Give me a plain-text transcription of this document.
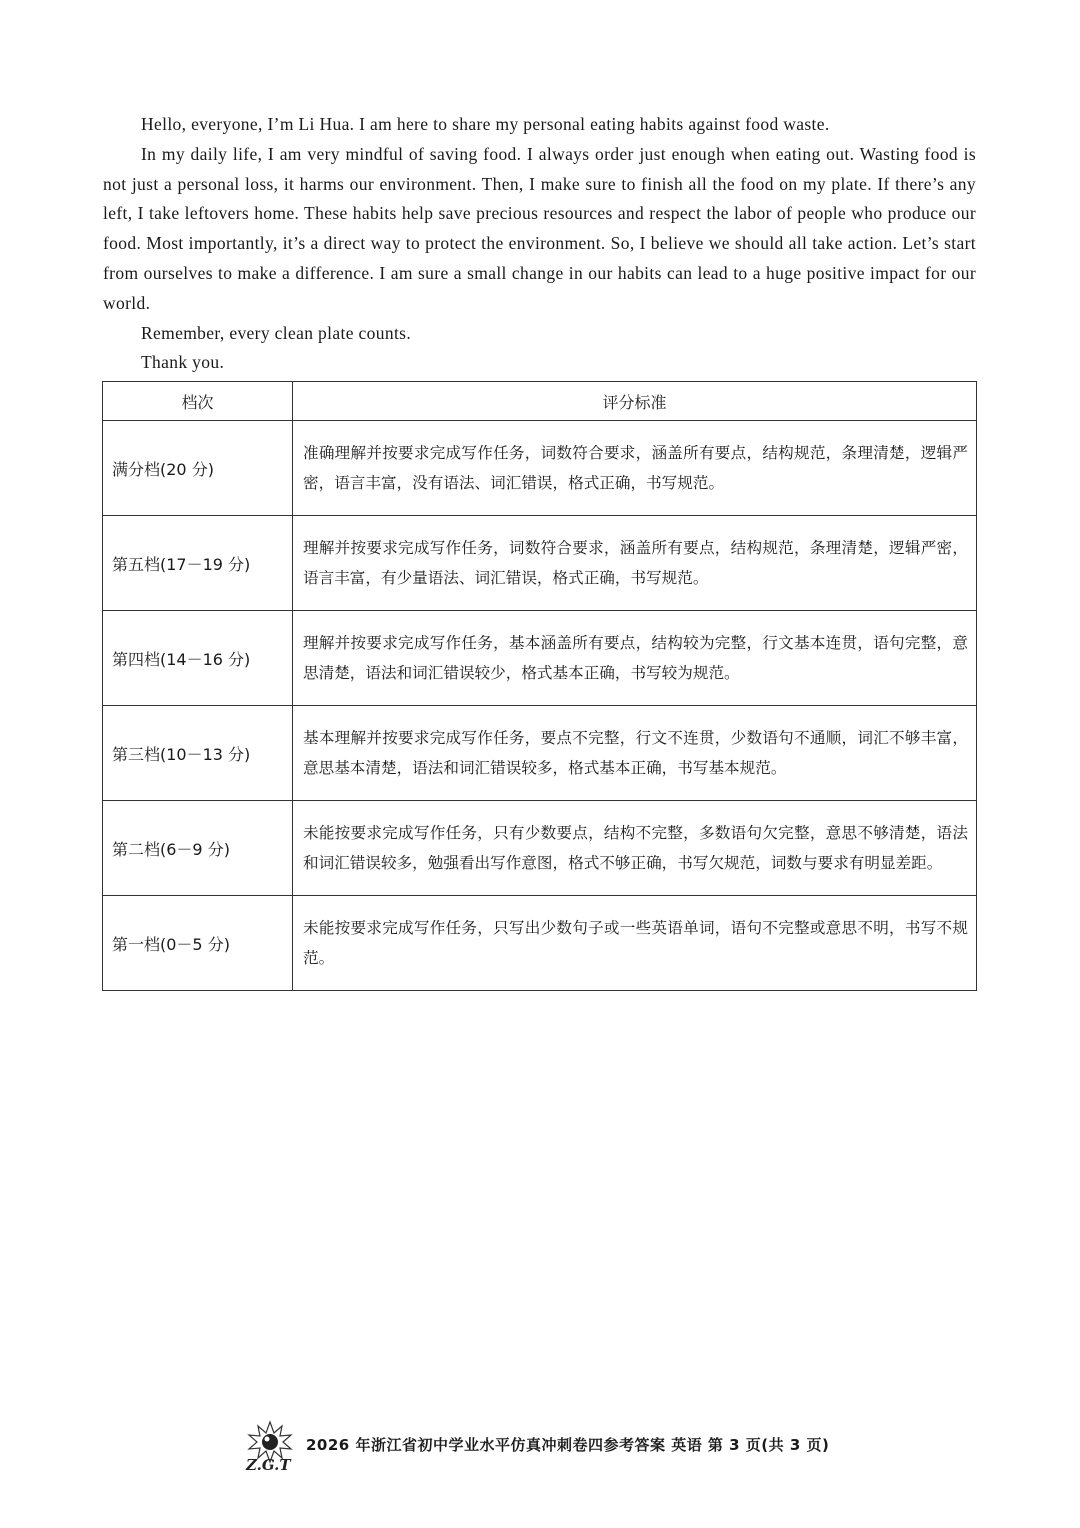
Hello, everyone, I’m Li Hua. I am here to share my personal eating habits against food waste.

In my daily life, I am very mindful of saving food. I always order just enough when eating out. Wasting food is not just a personal loss, it harms our environment. Then, I make sure to finish all the food on my plate. If there’s any left, I take leftovers home. These habits help save precious resources and respect the labor of people who produce our food. Most importantly, it’s a direct way to protect the environment. So, I believe we should all take action. Let’s start from ourselves to make a difference. I am sure a small change in our habits can lead to a huge positive impact for our world.

Remember, every clean plate counts.

Thank you.

档次	评分标准
满分档(20 分)	准确理解并按要求完成写作任务，词数符合要求，涵盖所有要点，结构规范，条理清楚，逻辑严密，语言丰富，没有语法、词汇错误，格式正确，书写规范。
第五档(17－19 分)	理解并按要求完成写作任务，词数符合要求，涵盖所有要点，结构规范，条理清楚，逻辑严密，语言丰富，有少量语法、词汇错误，格式正确，书写规范。
第四档(14－16 分)	理解并按要求完成写作任务，基本涵盖所有要点，结构较为完整，行文基本连贯，语句完整，意思清楚，语法和词汇错误较少，格式基本正确，书写较为规范。
第三档(10－13 分)	基本理解并按要求完成写作任务，要点不完整，行文不连贯，少数语句不通顺，词汇不够丰富，意思基本清楚，语法和词汇错误较多，格式基本正确，书写基本规范。
第二档(6－9 分)	未能按要求完成写作任务，只有少数要点，结构不完整，多数语句欠完整，意思不够清楚，语法和词汇错误较多，勉强看出写作意图，格式不够正确，书写欠规范，词数与要求有明显差距。
第一档(0－5 分)	未能按要求完成写作任务，只写出少数句子或一些英语单词，语句不完整或意思不明，书写不规范。
Z.G.T
2026 年浙江省初中学业水平仿真冲刺卷四参考答案 英语 第 3 页(共 3 页)
